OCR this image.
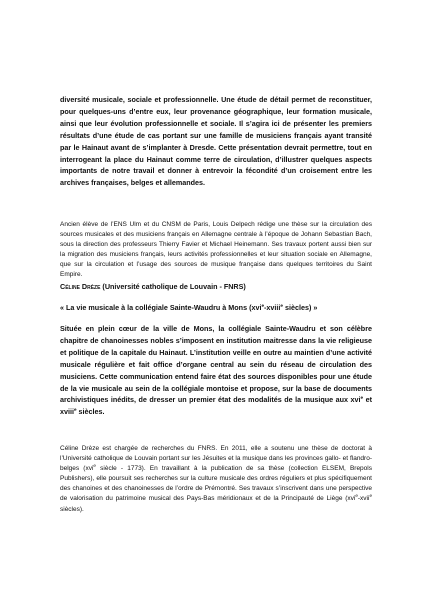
diversité musicale, sociale et professionnelle. Une étude de détail permet de reconstituer, pour quelques-uns d’entre eux, leur provenance géographique, leur formation musicale, ainsi que leur évolution professionnelle et sociale. Il s’agira ici de présenter les premiers résultats d’une étude de cas portant sur une famille de musiciens français ayant transité par le Hainaut avant de s’implanter à Dresde. Cette présentation devrait permettre, tout en interrogeant la place du Hainaut comme terre de circulation, d’illustrer quelques aspects importants de notre travail et donner à entrevoir la fécondité d’un croisement entre les archives françaises, belges et allemandes.

Ancien élève de l’ENS Ulm et du CNSM de Paris, Louis Delpech rédige une thèse sur la circulation des sources musicales et des musiciens français en Allemagne centrale à l’époque de Johann Sebastian Bach, sous la direction des professeurs Thierry Favier et Michael Heinemann. Ses travaux portent aussi bien sur la migration des musiciens français, leurs activités professionnelles et leur situation sociale en Allemagne, que sur la circulation et l’usage des sources de musique française dans quelques territoires du Saint Empire.

Céline Drèze (Université catholique de Louvain - FNRS)

« La vie musicale à la collégiale Sainte-Waudru à Mons (xvi$^e$-xviii$^e$ siècles) »

Située en plein cœur de la ville de Mons, la collégiale Sainte-Waudru et son célèbre chapitre de chanoinesses nobles s’imposent en institution maitresse dans la vie religieuse et politique de la capitale du Hainaut. L’institution veille en outre au maintien d’une activité musicale régulière et fait office d’organe central au sein du réseau de circulation des musiciens. Cette communication entend faire état des sources disponibles pour une étude de la vie musicale au sein de la collégiale montoise et propose, sur la base de documents archivistiques inédits, de dresser un premier état des modalités de la musique aux xvi$^e$ et xviii$^e$ siècles.

Céline Drèze est chargée de recherches du FNRS. En 2011, elle a soutenu une thèse de doctorat à l’Université catholique de Louvain portant sur les Jésuites et la musique dans les provinces gallo- et flandro-belges (xvi$^e$ siècle - 1773). En travaillant à la publication de sa thèse (collection ELSEM, Brepols Publishers), elle poursuit ses recherches sur la culture musicale des ordres réguliers et plus spécifiquement des chanoines et des chanoinesses de l’ordre de Prémontré. Ses travaux s’inscrivent dans une perspective de valorisation du patrimoine musical des Pays-Bas méridionaux et de la Principauté de Liège (xvi$^e$-xvii$^e$ siècles).
